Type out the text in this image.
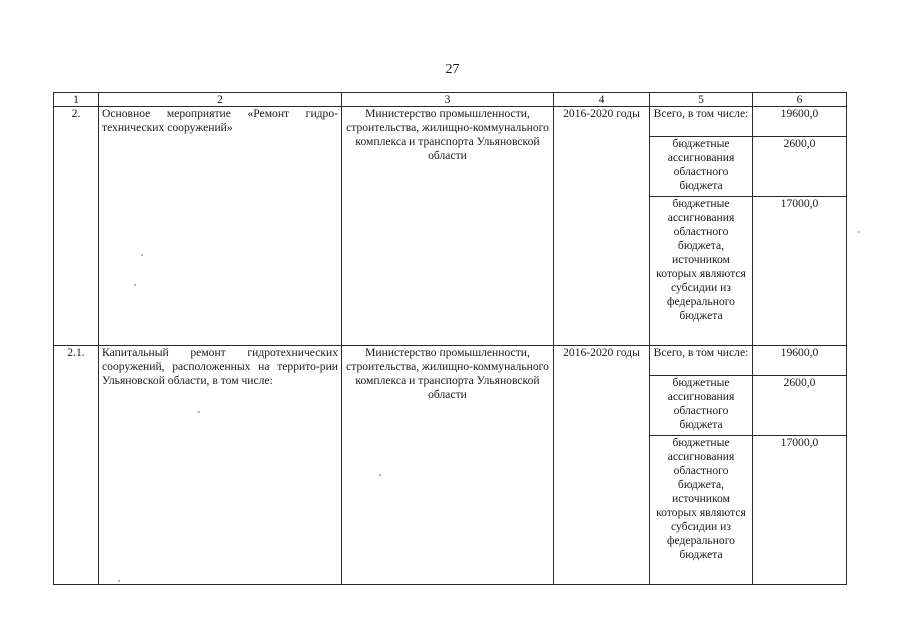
27
1	2	3	4	5	6
2.	Основное мероприятие «Ремонт гидро-технических сооружений»	Министерство промышленности, строительства, жилищно-коммунального комплекса и транспорта Ульяновской области	2016-2020 годы	Всего, в том числе:	19600,0
				бюджетные ассигнования областного бюджета	2600,0
				бюджетные ассигнования областного бюджета, источником которых являются субсидии из федерального бюджета	17000,0
2.1.	Капитальный ремонт гидротехнических сооружений, расположенных на террито-рии Ульяновской области, в том числе:	Министерство промышленности, строительства, жилищно-коммунального комплекса и транспорта Ульяновской области	2016-2020 годы	Всего, в том числе:	19600,0
				бюджетные ассигнования областного бюджета	2600,0
				бюджетные ассигнования областного бюджета, источником которых являются субсидии из федерального бюджета	17000,0
